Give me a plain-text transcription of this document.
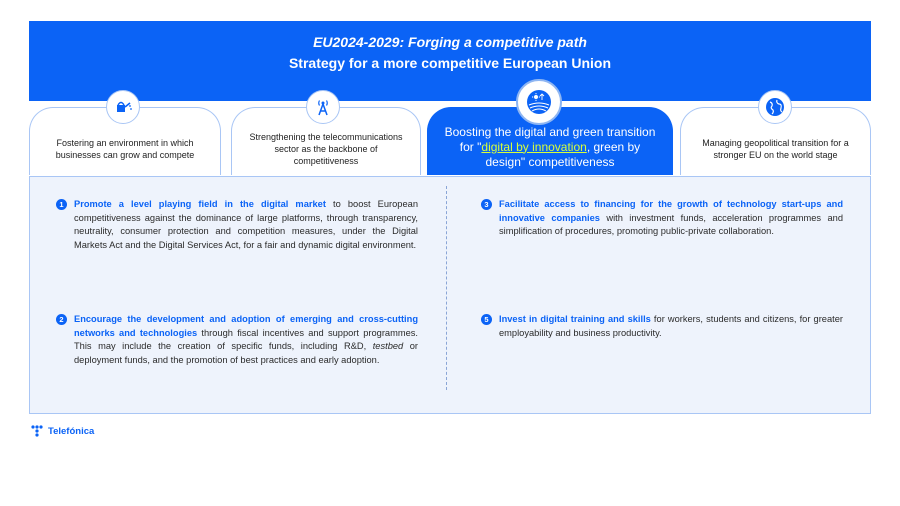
EU2024-2029: Forging a competitive path
Strategy for a more competitive European Union
Fostering an environment in which businesses can grow and compete
Strengthening the telecommunications sector as the backbone of competitiveness
Boosting the digital and green transition for "digital by innovation, green by design" competitiveness
Managing geopolitical transition for a stronger EU on the world stage
1	Promote a level playing field in the digital market to boost European competitiveness against the dominance of large platforms, through transparency, neutrality, consumer protection and competition measures, under the Digital Markets Act and the Digital Services Act, for a fair and dynamic digital environment.
2	Encourage the development and adoption of emerging and cross-cutting networks and technologies through fiscal incentives and support programmes. This may include the creation of specific funds, including R&D, testbed or deployment funds, and the promotion of best practices and early adoption.
3	Facilitate access to financing for the growth of technology start-ups and innovative companies with investment funds, acceleration programmes and simplification of procedures, promoting public-private collaboration.
5	Invest in digital training and skills for workers, students and citizens, for greater employability and business productivity.
Telefónica
